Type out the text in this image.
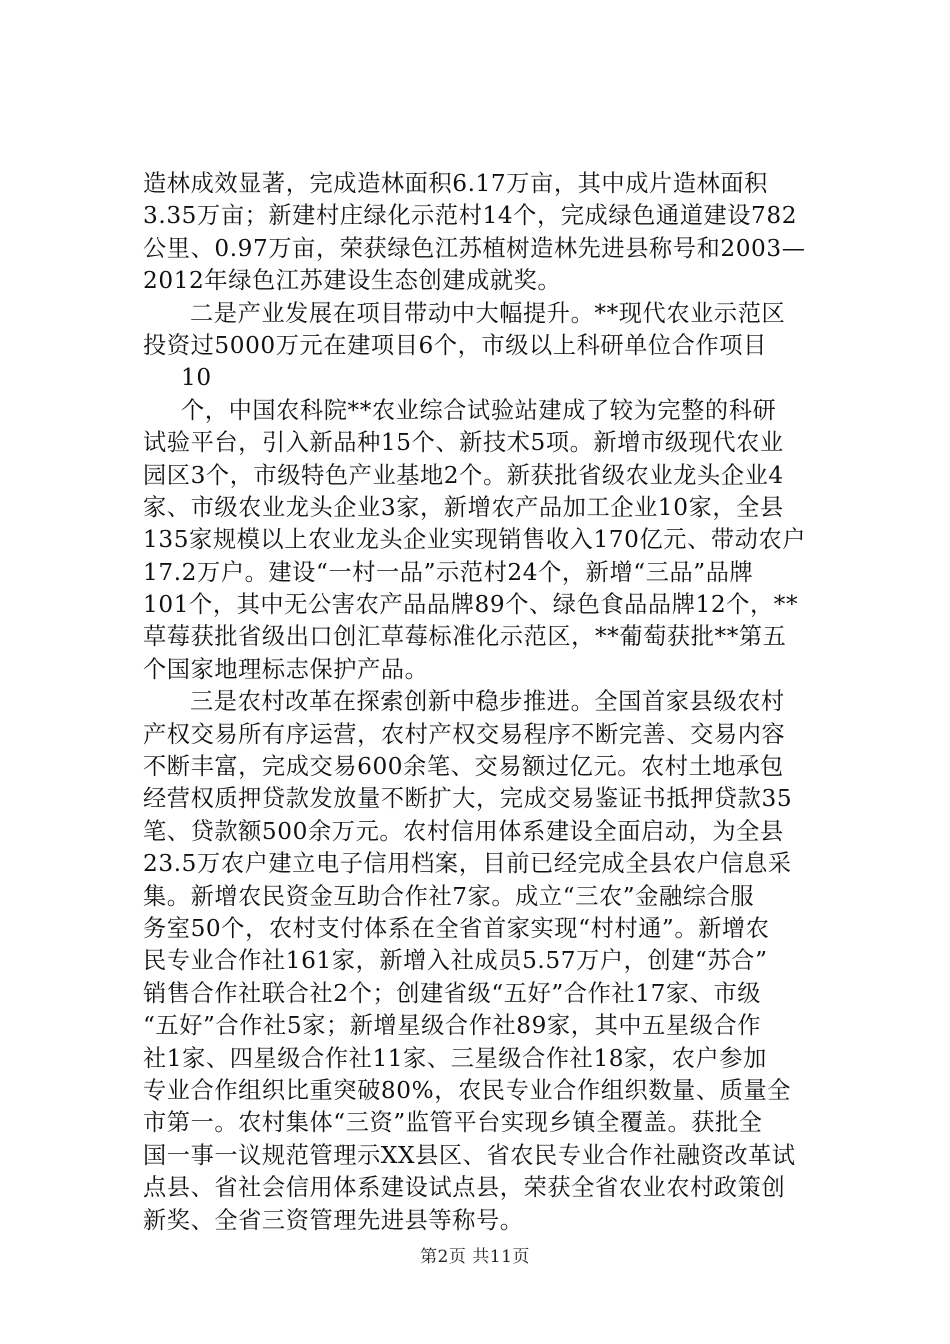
造林成效显著，完成造林面积6.17万亩，其中成片造林面积
3.35万亩；新建村庄绿化示范村14个，完成绿色通道建设782
公里、0.97万亩，荣获绿色江苏植树造林先进县称号和2003—
2012年绿色江苏建设生态创建成就奖。
二是产业发展在项目带动中大幅提升。**现代农业示范区
投资过5000万元在建项目6个，市级以上科研单位合作项目
10
个，中国农科院**农业综合试验站建成了较为完整的科研
试验平台，引入新品种15个、新技术5项。新增市级现代农业
园区3个，市级特色产业基地2个。新获批省级农业龙头企业4
家、市级农业龙头企业3家，新增农产品加工企业10家，全县
135家规模以上农业龙头企业实现销售收入170亿元、带动农户
17.2万户。建设“一村一品”示范村24个，新增“三品”品牌
101个，其中无公害农产品品牌89个、绿色食品品牌12个，**
草莓获批省级出口创汇草莓标准化示范区，**葡萄获批**第五
个国家地理标志保护产品。
三是农村改革在探索创新中稳步推进。全国首家县级农村
产权交易所有序运营，农村产权交易程序不断完善、交易内容
不断丰富，完成交易600余笔、交易额过亿元。农村土地承包
经营权质押贷款发放量不断扩大，完成交易鉴证书抵押贷款35
笔、贷款额500余万元。农村信用体系建设全面启动，为全县
23.5万农户建立电子信用档案，目前已经完成全县农户信息采
集。新增农民资金互助合作社7家。成立“三农”金融综合服
务室50个，农村支付体系在全省首家实现“村村通”。新增农
民专业合作社161家，新增入社成员5.57万户，创建“苏合”
销售合作社联合社2个；创建省级“五好”合作社17家、市级
“五好”合作社5家；新增星级合作社89家，其中五星级合作
社1家、四星级合作社11家、三星级合作社18家，农户参加
专业合作组织比重突破80%，农民专业合作组织数量、质量全
市第一。农村集体“三资”监管平台实现乡镇全覆盖。获批全
国一事一议规范管理示XX县区、省农民专业合作社融资改革试
点县、省社会信用体系建设试点县，荣获全省农业农村政策创
新奖、全省三资管理先进县等称号。
第2页 共11页
